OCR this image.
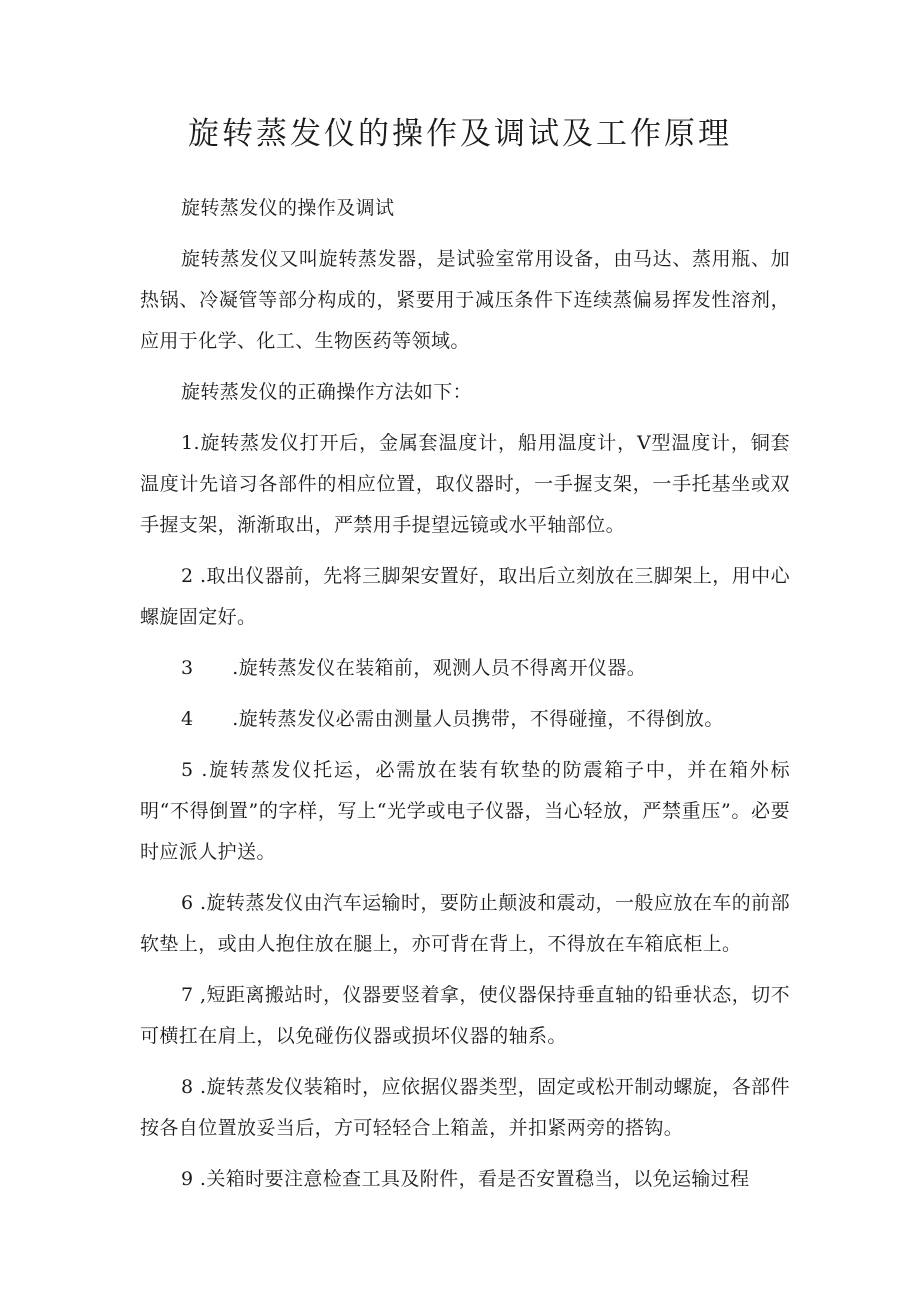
旋转蒸发仪的操作及调试及工作原理

旋转蒸发仪的操作及调试

旋转蒸发仪又叫旋转蒸发器，是试验室常用设备，由马达、蒸用瓶、加热锅、冷凝管等部分构成的，紧要用于减压条件下连续蒸偏易挥发性溶剂，应用于化学、化工、生物医药等领域。

旋转蒸发仪的正确操作方法如下：

1.旋转蒸发仪打开后，金属套温度计，船用温度计，V型温度计，铜套温度计先谙习各部件的相应位置，取仪器时，一手握支架，一手托基坐或双手握支架，渐渐取出，严禁用手提望远镜或水平轴部位。

2 .取出仪器前，先将三脚架安置好，取出后立刻放在三脚架上，用中心螺旋固定好。

3　　.旋转蒸发仪在装箱前，观测人员不得离开仪器。

4　　.旋转蒸发仪必需由测量人员携带，不得碰撞，不得倒放。

5 .旋转蒸发仪托运，必需放在装有软垫的防震箱子中，并在箱外标明“不得倒置”的字样，写上“光学或电子仪器，当心轻放，严禁重压”。必要时应派人护送。

6 .旋转蒸发仪由汽车运输时，要防止颠波和震动，一般应放在车的前部软垫上，或由人抱住放在腿上，亦可背在背上，不得放在车箱底柜上。

7 ,短距离搬站时，仪器要竖着拿，使仪器保持垂直轴的铅垂状态，切不可横扛在肩上，以免碰伤仪器或损坏仪器的轴系。

8 .旋转蒸发仪装箱时，应依据仪器类型，固定或松开制动螺旋，各部件按各自位置放妥当后，方可轻轻合上箱盖，并扣紧两旁的搭钩。

9 .关箱时要注意检查工具及附件，看是否安置稳当，以免运输过程
